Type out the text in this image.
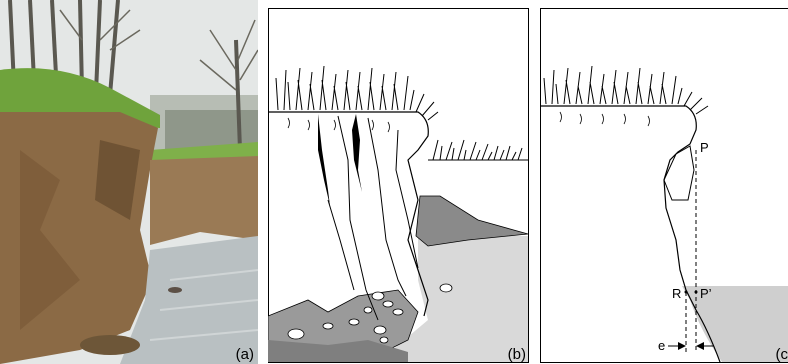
(a)	(b)
P
R P’
e
(c
